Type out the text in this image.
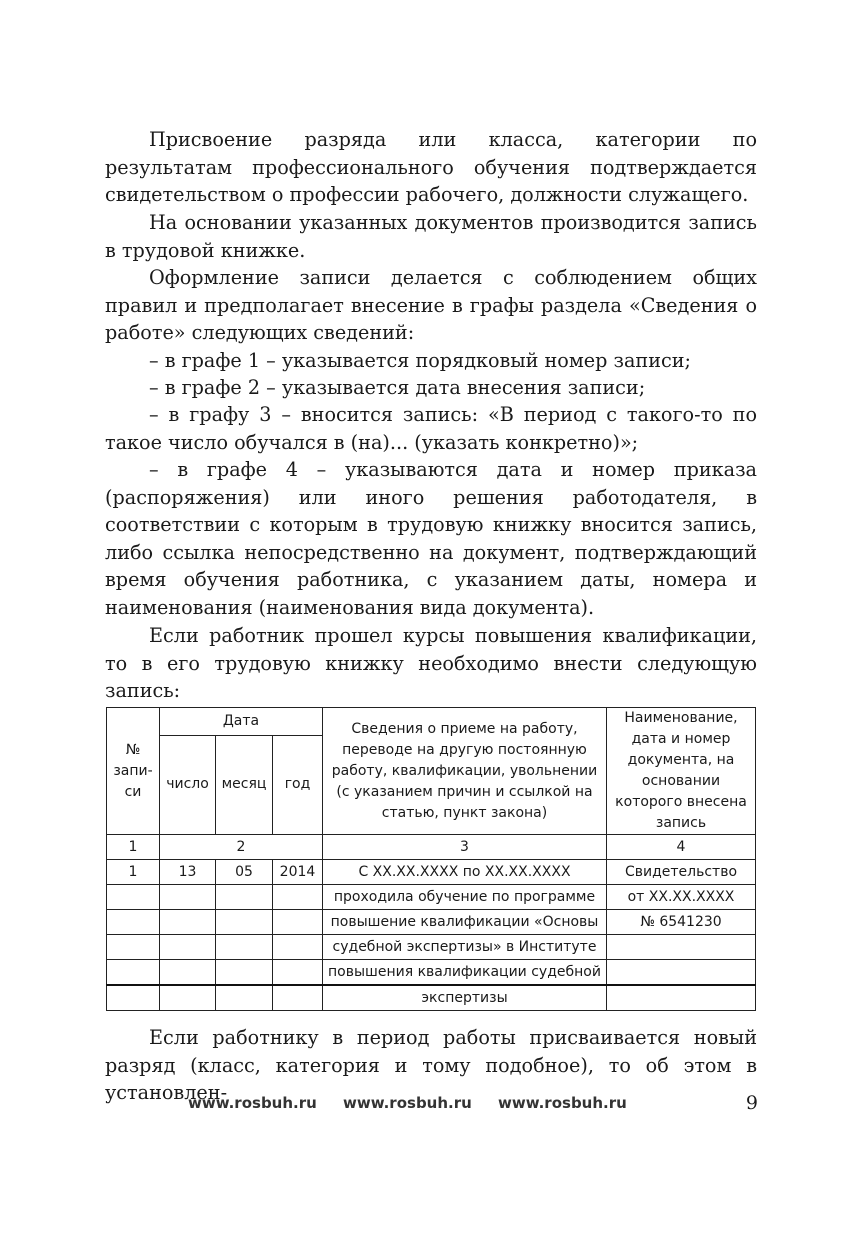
Присвоение разряда или класса, категории по результатам профессионального обучения подтверждается свидетельством о профессии рабочего, должности служащего.

На основании указанных документов производится запись в трудовой книжке.

Оформление записи делается с соблюдением общих правил и предполагает внесение в графы раздела «Сведения о работе» следующих сведений:

– в графе 1 – указывается порядковый номер записи;

– в графе 2 – указывается дата внесения записи;

– в графу 3 – вносится запись: «В период с такого-то по такое число обучался в (на)... (указать конкретно)»;

– в графе 4 – указываются дата и номер приказа (распоряжения) или иного решения работодателя, в соответствии с которым в трудовую книжку вносится запись, либо ссылка непосредственно на документ, подтверждающий время обучения работника, с указанием даты, номера и наименования (наименования вида документа).

Если работник прошел курсы повышения квалификации, то в его трудовую книжку необходимо внести следующую запись:

Если работнику в период работы присваивается новый разряд (класс, категория и тому подобное), то об этом в установлен-

№ запи-си	Дата			Сведения о приеме на работу, переводе на другую постоянную работу, квалификации, увольнении (с указанием причин и ссылкой на статью, пункт закона)	Наименование, дата и номер документа, на основании которого внесена запись
	число	месяц	год		
1	2			3	4
1	13	05	2014	С ХХ.ХХ.ХХХХ по ХХ.ХХ.ХХХХ	Свидетельство
				проходила обучение по программе	от ХХ.ХХ.ХХХХ
				повышение квалификации «Основы	№ 6541230
				судебной экспертизы» в Институте	
				повышения квалификации судебной	
				экспертизы	
www.rosbuh.ru www.rosbuh.ru www.rosbuh.ru	9
